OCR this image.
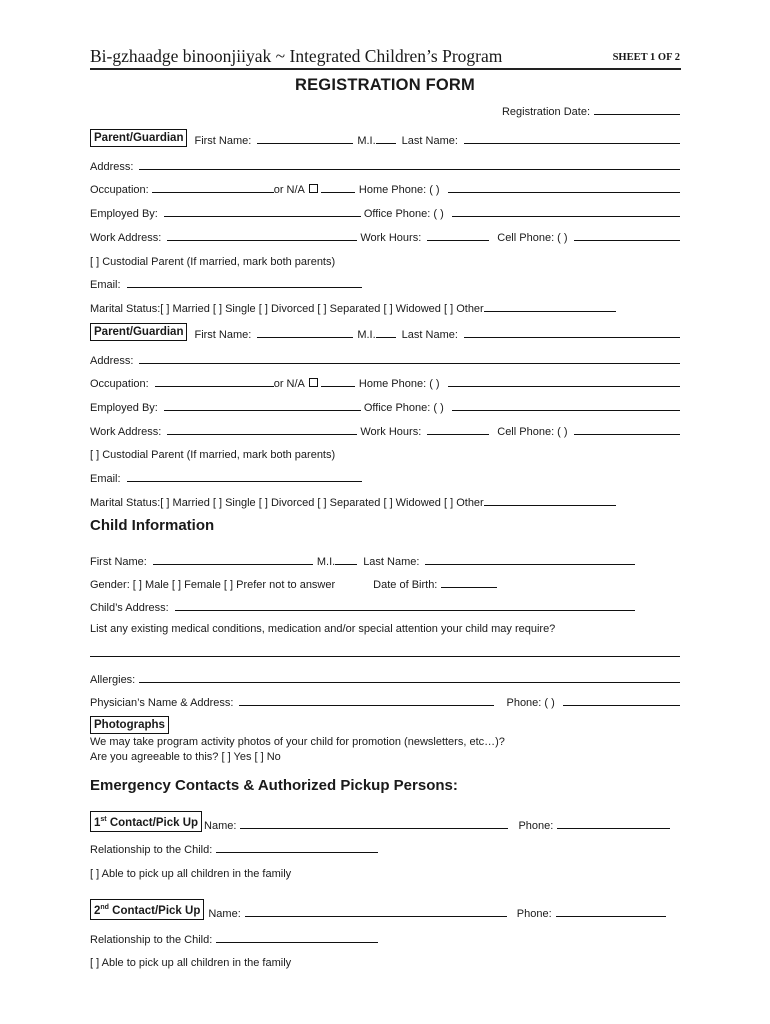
Bi-gzhaadge binoonjiiyak ~ Integrated Children’s Program	SHEET 1 OF 2
REGISTRATION FORM
Registration Date:
Parent/Guardian	First Name:	M.I. Last Name:
Address:
Occupation:	or N/A	Home Phone: ( )
Employed By:	Office Phone: ( )
Work Address:	Work Hours:	Cell Phone: ( )
[ ] Custodial Parent (If married, mark both parents)
Email:
Marital Status:[ ] Married [ ] Single [ ] Divorced [ ] Separated [ ] Widowed [ ] Other
Parent/Guardian	First Name:	M.I. Last Name:
Address:
Occupation:	or N/A	Home Phone: ( )
Employed By:	Office Phone: ( )
Work Address:	Work Hours:	Cell Phone: ( )
[ ] Custodial Parent (If married, mark both parents)
Email:
Marital Status:[ ] Married [ ] Single [ ] Divorced [ ] Separated [ ] Widowed [ ] Other
Child Information
First Name:	M.I.	Last Name:
Gender: [ ] Male [ ] Female [ ] Prefer not to answer	Date of Birth:
Child’s Address:
List any existing medical conditions, medication and/or special attention your child may require?
Allergies:
Physician’s Name & Address:	Phone: ( )
Photographs
We may take program activity photos of your child for promotion (newsletters, etc…)?
Are you agreeable to this? [ ] Yes [ ] No
Emergency Contacts & Authorized Pickup Persons:
1st Contact/Pick Up Name:	Phone:
Relationship to the Child:
[ ] Able to pick up all children in the family
2nd Contact/Pick Up Name:	Phone:
Relationship to the Child:
[ ] Able to pick up all children in the family
